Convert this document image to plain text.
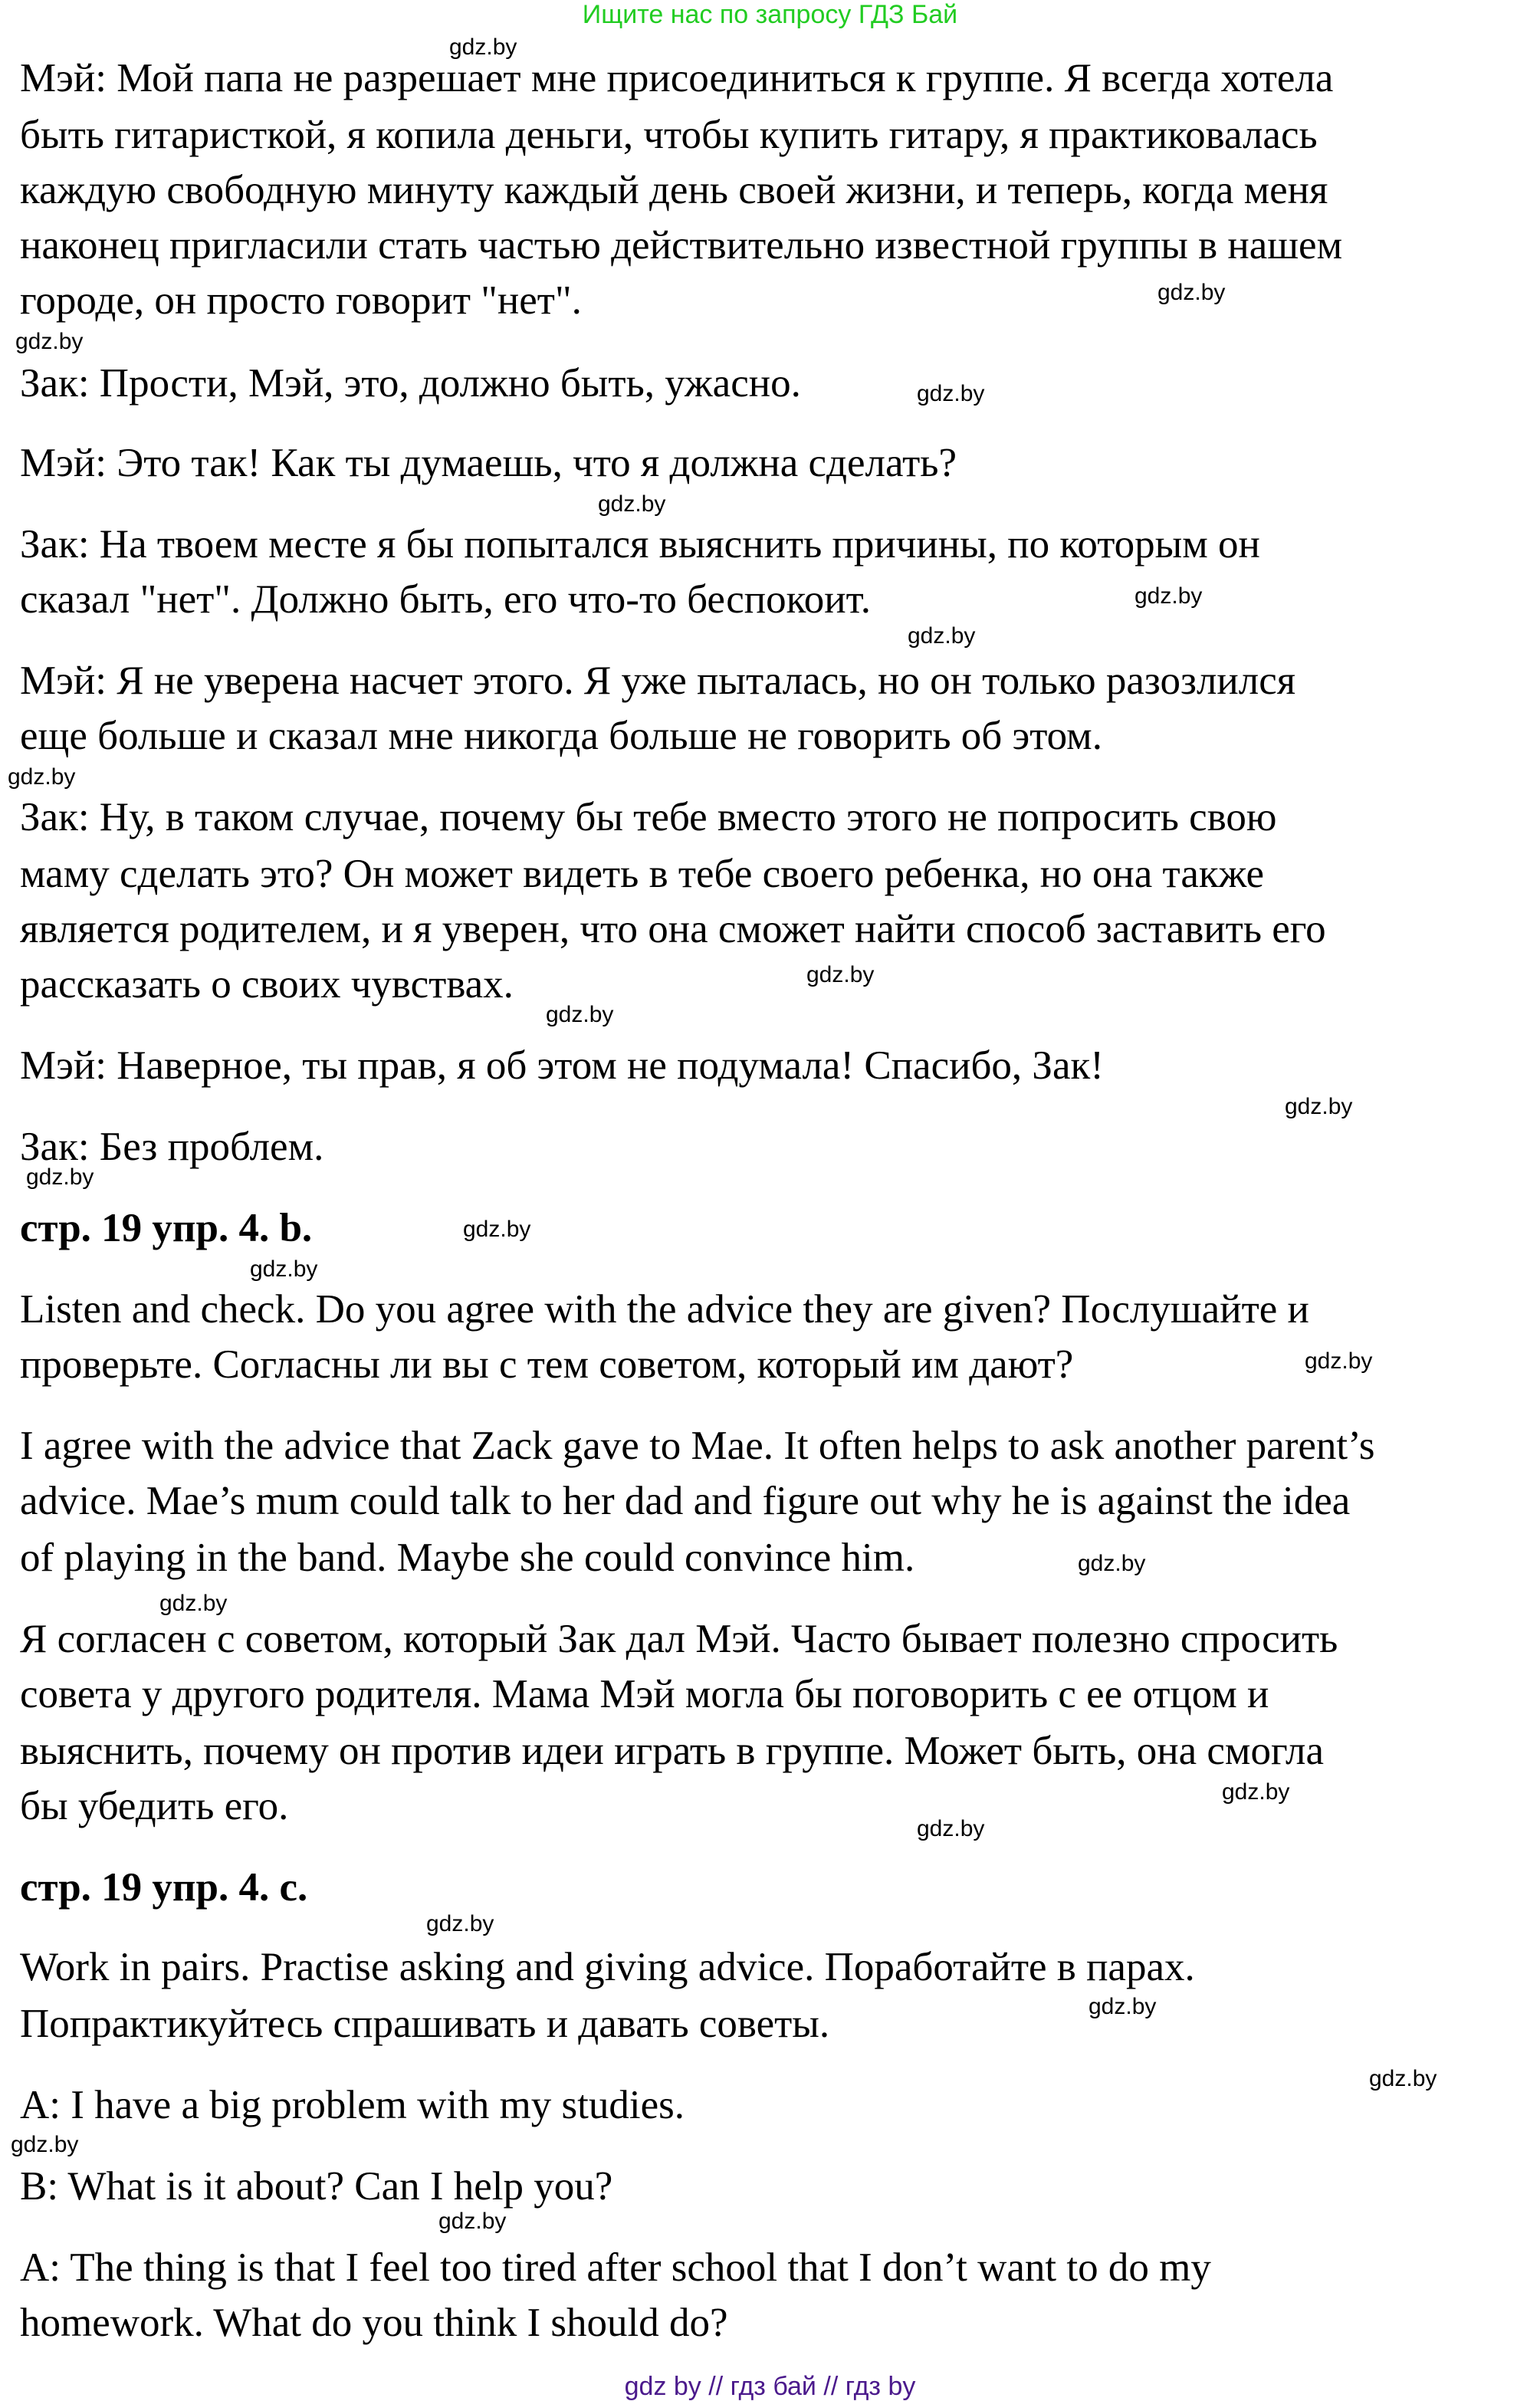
Ищите нас по запросу ГДЗ Бай
Мэй: Мой папа не разрешает мне присоединиться к группе. Я всегда хотела
быть гитаристкой, я копила деньги, чтобы купить гитару, я практиковалась
каждую свободную минуту каждый день своей жизни, и теперь, когда меня
наконец пригласили стать частью действительно известной группы в нашем
городе, он просто говорит "нет".
Зак: Прости, Мэй, это, должно быть, ужасно.
Мэй: Это так! Как ты думаешь, что я должна сделать?
Зак: На твоем месте я бы попытался выяснить причины, по которым он
сказал "нет". Должно быть, его что-то беспокоит.
Мэй: Я не уверена насчет этого. Я уже пыталась, но он только разозлился
еще больше и сказал мне никогда больше не говорить об этом.
Зак: Ну, в таком случае, почему бы тебе вместо этого не попросить свою
маму сделать это? Он может видеть в тебе своего ребенка, но она также
является родителем, и я уверен, что она сможет найти способ заставить его
рассказать о своих чувствах.
Мэй: Наверное, ты прав, я об этом не подумала! Спасибо, Зак!
Зак: Без проблем.
стр. 19 упр. 4. b.
Listen and check. Do you agree with the advice they are given? Послушайте и
проверьте. Согласны ли вы с тем советом, который им дают?
I agree with the advice that Zack gave to Mae. It often helps to ask another parent’s
advice. Mae’s mum could talk to her dad and figure out why he is against the idea
of playing in the band. Maybe she could convince him.
Я согласен с советом, который Зак дал Мэй. Часто бывает полезно спросить
совета у другого родителя. Мама Мэй могла бы поговорить с ее отцом и
выяснить, почему он против идеи играть в группе. Может быть, она смогла
бы убедить его.
стр. 19 упр. 4. c.
Work in pairs. Practise asking and giving advice. Поработайте в парах.
Попрактикуйтесь спрашивать и давать советы.
A: I have a big problem with my studies.
B: What is it about? Can I help you?
A: The thing is that I feel too tired after school that I don’t want to do my
homework. What do you think I should do?
gdz.by
gdz.by
gdz.by
gdz.by
gdz.by
gdz.by
gdz.by
gdz.by
gdz.by
gdz.by
gdz.by
gdz.by
gdz.by
gdz.by
gdz.by
gdz.by
gdz.by
gdz.by
gdz.by
gdz.by
gdz.by
gdz.by
gdz.by
gdz.by
gdz by // гдз бай // гдз by
